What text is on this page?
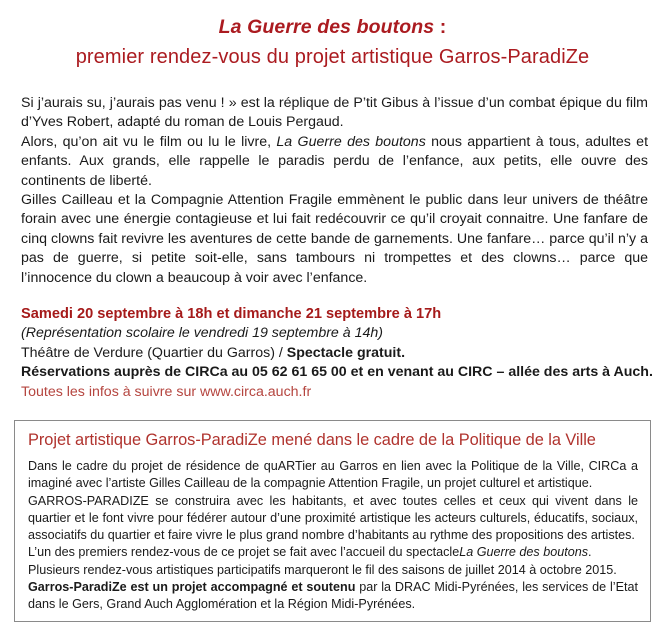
La Guerre des boutons :
premier rendez-vous du projet artistique Garros-ParadiZe

Si j’aurais su, j’aurais pas venu ! » est la réplique de P’tit Gibus à l’issue d’un combat épique du film d’Yves Robert, adapté du roman de Louis Pergaud.

Alors, qu’on ait vu le film ou lu le livre, La Guerre des boutons nous appartient à tous, adultes et enfants. Aux grands, elle rappelle le paradis perdu de l’enfance, aux petits, elle ouvre des continents de liberté.

Gilles Cailleau et la Compagnie Attention Fragile emmènent le public dans leur univers de théâtre forain avec une énergie contagieuse et lui fait redécouvrir ce qu’il croyait connaitre. Une fanfare de cinq clowns fait revivre les aventures de cette bande de garnements. Une fanfare… parce qu’il n’y a pas de guerre, si petite soit-elle, sans tambours ni trompettes et des clowns… parce que l’innocence du clown a beaucoup à voir avec l’enfance.

Samedi 20 septembre à 18h et dimanche 21 septembre à 17h

(Représentation scolaire le vendredi 19 septembre à 14h)

Théâtre de Verdure (Quartier du Garros) / Spectacle gratuit.

Réservations auprès de CIRCa au 05 62 61 65 00 et en venant au CIRC – allée des arts à Auch.

Toutes les infos à suivre sur www.circa.auch.fr

Projet artistique Garros-ParadiZe mené dans le cadre de la Politique de la Ville

Dans le cadre du projet de résidence de quARTier au Garros en lien avec la Politique de la Ville, CIRCa a imaginé avec l’artiste Gilles Cailleau de la compagnie Attention Fragile, un projet culturel et artistique.

GARROS-PARADIZE se construira avec les habitants, et avec toutes celles et ceux qui vivent dans le quartier et le font vivre pour fédérer autour d’une proximité artistique les acteurs culturels, éducatifs, sociaux, associatifs du quartier et faire vivre le plus grand nombre d’habitants au rythme des propositions des artistes.

L’un des premiers rendez-vous de ce projet se fait avec l’accueil du spectacleLa Guerre des boutons.

Plusieurs rendez-vous artistiques participatifs marqueront le fil des saisons de juillet 2014 à octobre 2015.

Garros-ParadiZe est un projet accompagné et soutenu par la DRAC Midi-Pyrénées, les services de l’Etat dans le Gers, Grand Auch Agglomération et la Région Midi-Pyrénées.
